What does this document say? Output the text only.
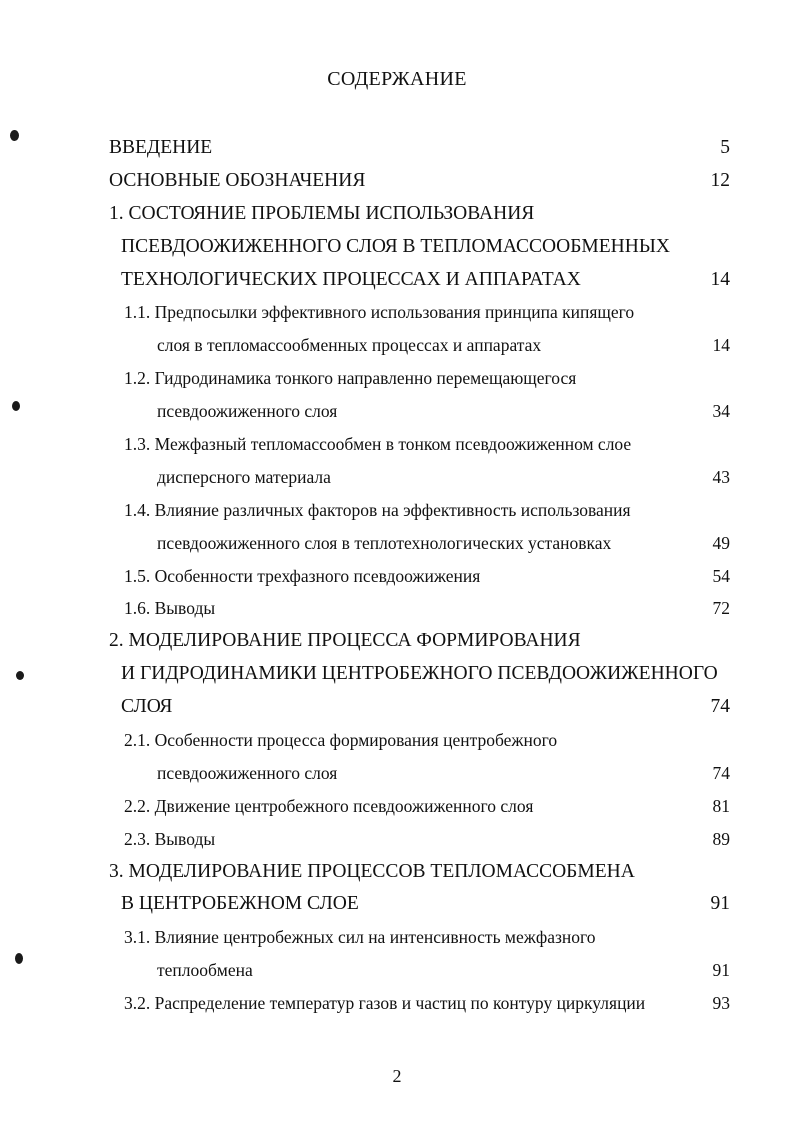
СОДЕРЖАНИЕ
ВВЕДЕНИЕ	5
ОСНОВНЫЕ ОБОЗНАЧЕНИЯ	12
1. СОСТОЯНИЕ ПРОБЛЕМЫ ИСПОЛЬЗОВАНИЯ
ПСЕВДООЖИЖЕННОГО СЛОЯ В ТЕПЛОМАССООБМЕННЫХ
ТЕХНОЛОГИЧЕСКИХ ПРОЦЕССАХ И АППАРАТАХ	14
1.1. Предпосылки эффективного использования принципа кипящего
слоя в тепломассообменных процессах и аппаратах	14
1.2. Гидродинамика тонкого направленно перемещающегося
псевдоожиженного слоя	34
1.3. Межфазный тепломассообмен в тонком псевдоожиженном слое
дисперсного материала	43
1.4. Влияние различных факторов на эффективность использования
псевдоожиженного слоя в теплотехнологических установках	49
1.5. Особенности трехфазного псевдоожижения	54
1.6. Выводы	72
2. МОДЕЛИРОВАНИЕ ПРОЦЕССА ФОРМИРОВАНИЯ
И ГИДРОДИНАМИКИ ЦЕНТРОБЕЖНОГО ПСЕВДООЖИЖЕННОГО
СЛОЯ	74
2.1. Особенности процесса формирования центробежного
псевдоожиженного слоя	74
2.2. Движение центробежного псевдоожиженного слоя	81
2.3. Выводы	89
3. МОДЕЛИРОВАНИЕ ПРОЦЕССОВ ТЕПЛОМАССОБМЕНА
В ЦЕНТРОБЕЖНОМ СЛОЕ	91
3.1. Влияние центробежных сил на интенсивность межфазного
теплообмена	91
3.2. Распределение температур газов и частиц по контуру циркуляции	93
2
